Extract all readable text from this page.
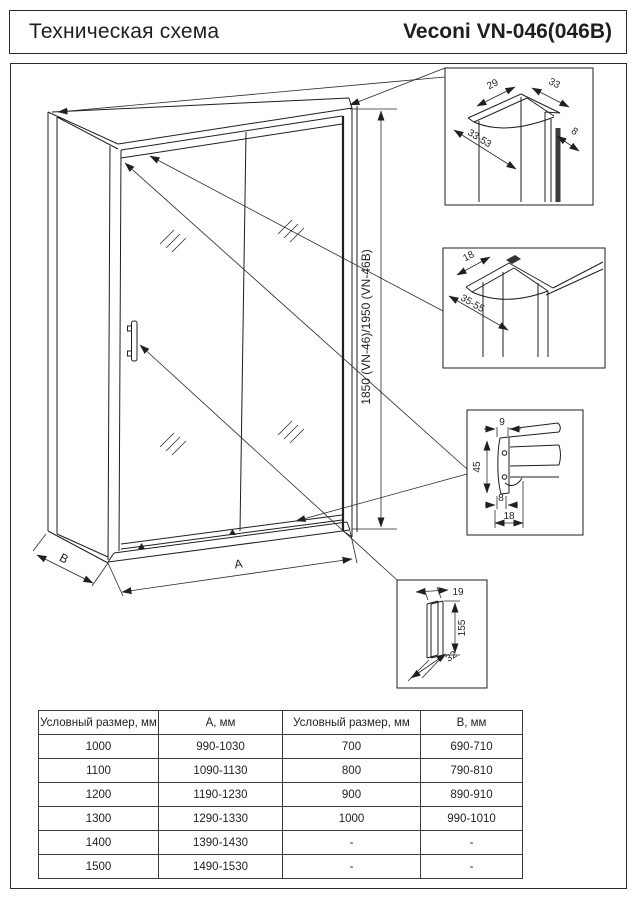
Техническая схема	Veconi VN-046(046B)
1850 (VN-46)/1950 (VN-46B)
A
B
29	33
33-53	8
18
35-55
9
45
8
18
19
155
32
Условный размер, мм	А, мм	Условный размер, мм	В, мм
1000	990-1030	700	690-710
1100	1090-1130	800	790-810
1200	1190-1230	900	890-910
1300	1290-1330	1000	990-1010
1400	1390-1430	-	-
1500	1490-1530	-	-
